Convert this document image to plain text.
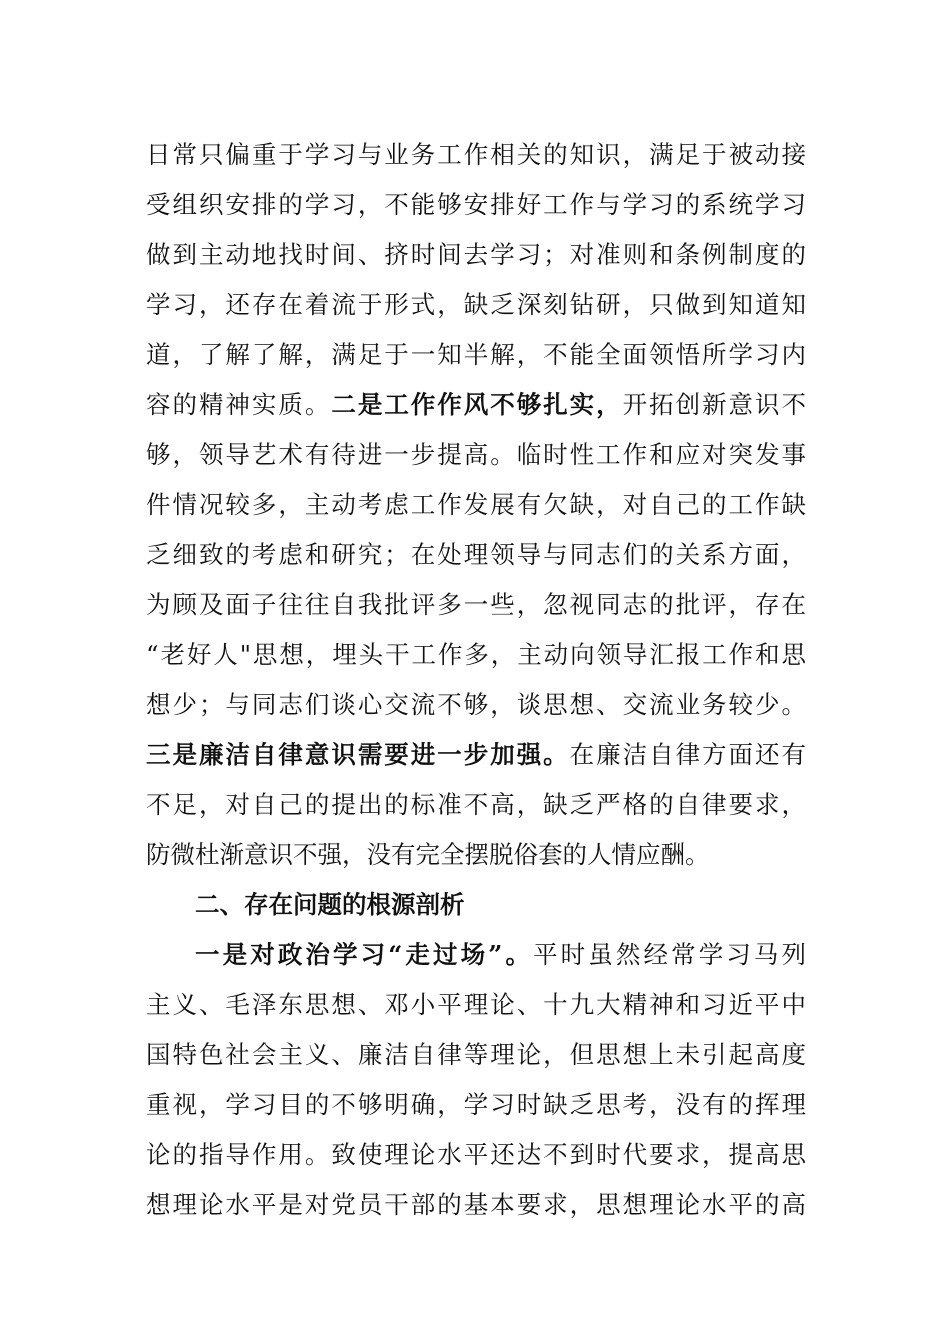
日常只偏重于学习与业务工作相关的知识，满足于被动接
受组织安排的学习，不能够安排好工作与学习的系统学习
做到主动地找时间、挤时间去学习；对准则和条例制度的
学习，还存在着流于形式，缺乏深刻钻研，只做到知道知
道，了解了解，满足于一知半解，不能全面领悟所学习内
容的精神实质。二是工作作风不够扎实，开拓创新意识不
够，领导艺术有待进一步提高。临时性工作和应对突发事
件情况较多，主动考虑工作发展有欠缺，对自己的工作缺
乏细致的考虑和研究；在处理领导与同志们的关系方面，
为顾及面子往往自我批评多一些，忽视同志的批评，存在
“老好人"思想，埋头干工作多，主动向领导汇报工作和思
想少；与同志们谈心交流不够，谈思想、交流业务较少。
三是廉洁自律意识需要进一步加强。在廉洁自律方面还有
不足，对自己的提出的标准不高，缺乏严格的自律要求，
防微杜渐意识不强，没有完全摆脱俗套的人情应酬。
二、存在问题的根源剖析
一是对政治学习“走过场”。平时虽然经常学习马列
主义、毛泽东思想、邓小平理论、十九大精神和习近平中
国特色社会主义、廉洁自律等理论，但思想上未引起高度
重视，学习目的不够明确，学习时缺乏思考，没有的挥理
论的指导作用。致使理论水平还达不到时代要求，提高思
想理论水平是对党员干部的基本要求，思想理论水平的高
